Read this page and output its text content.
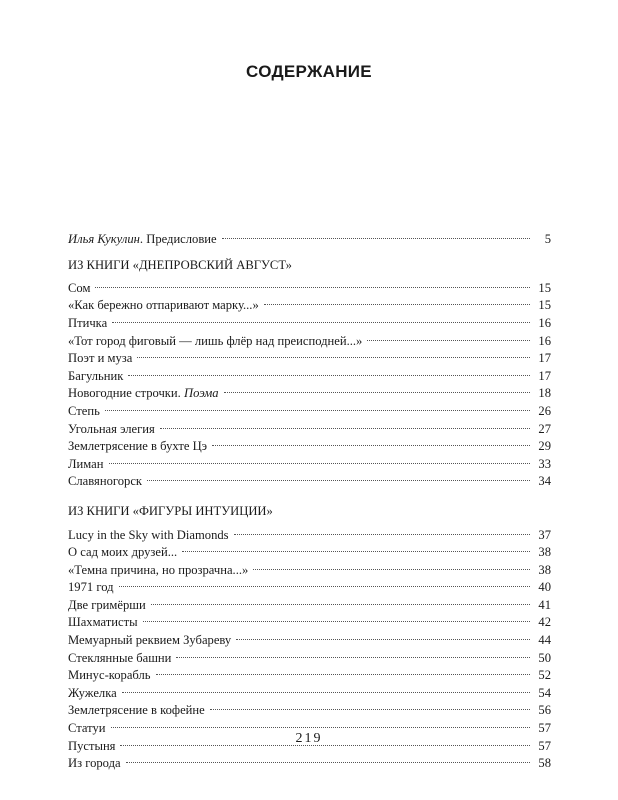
СОДЕРЖАНИЕ
Илья Кукулин. Предисловие	5
ИЗ КНИГИ «ДНЕПРОВСКИЙ АВГУСТ»
Сом	15
«Как бережно отпаривают марку...»	15
Птичка	16
«Тот город фиговый — лишь флёр над преисподней...»	16
Поэт и муза	17
Багульник	17
Новогодние строчки. Поэма	18
Степь	26
Угольная элегия	27
Землетрясение в бухте Цэ	29
Лиман	33
Славяногорск	34
ИЗ КНИГИ «ФИГУРЫ ИНТУИЦИИ»
Lucy in the Sky with Diamonds	37
О сад моих друзей...	38
«Темна причина, но прозрачна...»	38
1971 год	40
Две гримёрши	41
Шахматисты	42
Мемуарный реквием Зубареву	44
Стеклянные башни	50
Минус-корабль	52
Жужелка	54
Землетрясение в кофейне	56
Статуи	57
Пустыня	57
Из города	58
219
